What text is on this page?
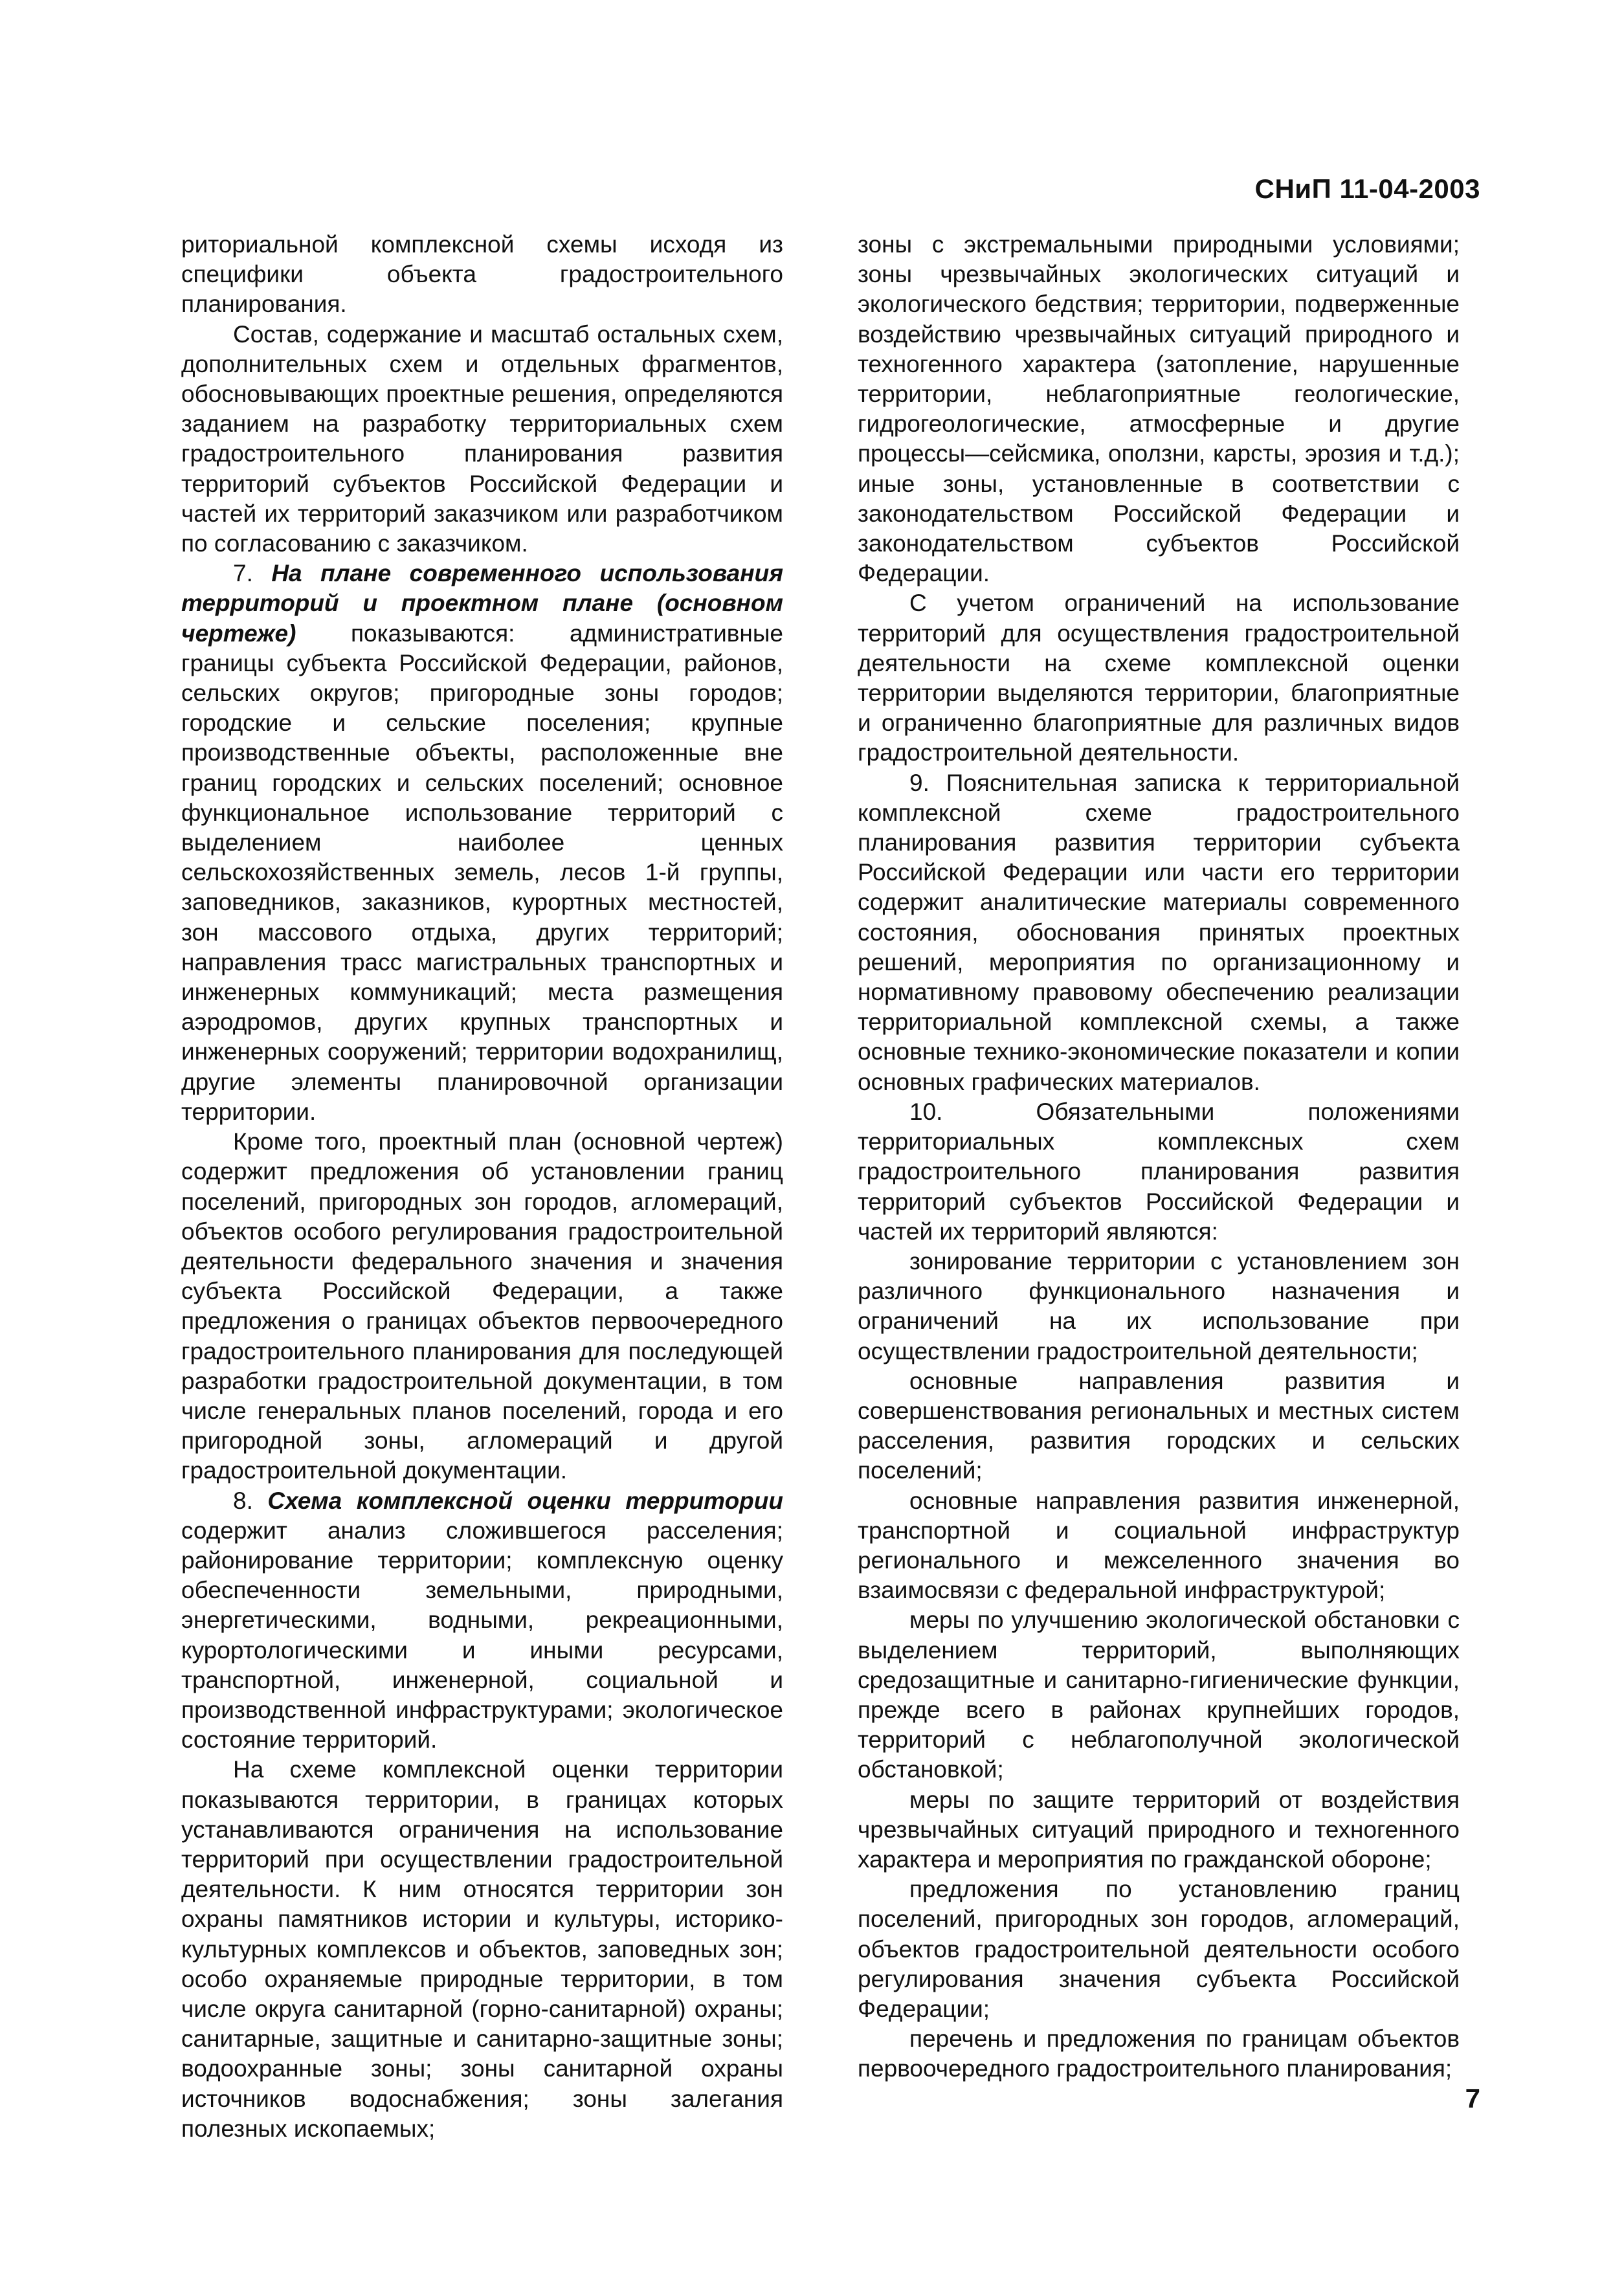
СНиП 11-04-2003

риториальной комплексной схемы исходя из специфики объекта градостроительного планирования.

Состав, содержание и масштаб остальных схем, дополнительных схем и отдельных фрагментов, обосновывающих проектные решения, определяются заданием на разработку территориальных схем градостроительного планирования развития территорий субъектов Российской Федерации и частей их территорий заказчиком или разработчиком по согласованию с заказчиком.

7. На плане современного использования территорий и проектном плане (основном чертеже) показываются: административные границы субъекта Российской Федерации, районов, сельских округов; пригородные зоны городов; городские и сельские поселения; крупные производственные объекты, расположенные вне границ городских и сельских поселений; основное функциональное использование территорий с выделением наиболее ценных сельскохозяйственных земель, лесов 1-й группы, заповедников, заказников, курортных местностей, зон массового отдыха, других территорий; направления трасс магистральных транспортных и инженерных коммуникаций; места размещения аэродромов, других крупных транспортных и инженерных сооружений; территории водохранилищ, другие элементы планировочной организации территории.

Кроме того, проектный план (основной чертеж) содержит предложения об установлении границ поселений, пригородных зон городов, агломераций, объектов особого регулирования градостроительной деятельности федерального значения и значения субъекта Российской Федерации, а также предложения о границах объектов первоочередного градостроительного планирования для последующей разработки градостроительной документации, в том числе генеральных планов поселений, города и его пригородной зоны, агломераций и другой градостроительной документации.

8. Схема комплексной оценки территории содержит анализ сложившегося расселения; районирование территории; комплексную оценку обеспеченности земельными, природными, энергетическими, водными, рекреационными, курортологическими и иными ресурсами, транспортной, инженерной, социальной и производственной инфраструктурами; экологическое состояние территорий.

На схеме комплексной оценки территории показываются территории, в границах которых устанавливаются ограничения на использование территорий при осуществлении градостроительной деятельности. К ним относятся территории зон охраны памятников истории и культуры, историко-культурных комплексов и объектов, заповедных зон; особо охраняемые природные территории, в том числе округа санитарной (горно-санитарной) охраны; санитарные, защитные и санитарно-защитные зоны; водоохранные зоны; зоны санитарной охраны источников водоснабжения; зоны залегания полезных ископаемых;

зоны с экстремальными природными условиями; зоны чрезвычайных экологических ситуаций и экологического бедствия; территории, подверженные воздействию чрезвычайных ситуаций природного и техногенного характера (затопление, нарушенные территории, неблагоприятные геологические, гидрогеологические, атмосферные и другие процессы—сейсмика, оползни, карсты, эрозия и т.д.); иные зоны, установленные в соответствии с законодательством Российской Федерации и законодательством субъектов Российской Федерации.

С учетом ограничений на использование территорий для осуществления градостроительной деятельности на схеме комплексной оценки территории выделяются территории, благоприятные и ограниченно благоприятные для различных видов градостроительной деятельности.

9. Пояснительная записка к территориальной комплексной схеме градостроительного планирования развития территории субъекта Российской Федерации или части его территории содержит аналитические материалы современного состояния, обоснования принятых проектных решений, мероприятия по организационному и нормативному правовому обеспечению реализации территориальной комплексной схемы, а также основные технико-экономические показатели и копии основных графических материалов.

10. Обязательными положениями территориальных комплексных схем градостроительного планирования развития территорий субъектов Российской Федерации и частей их территорий являются:

зонирование территории с установлением зон различного функционального назначения и ограничений на их использование при осуществлении градостроительной деятельности;

основные направления развития и совершенствования региональных и местных систем расселения, развития городских и сельских поселений;

основные направления развития инженерной, транспортной и социальной инфраструктур регионального и межселенного значения во взаимосвязи с федеральной инфраструктурой;

меры по улучшению экологической обстановки с выделением территорий, выполняющих средозащитные и санитарно-гигиенические функции, прежде всего в районах крупнейших городов, территорий с неблагополучной экологической обстановкой;

меры по защите территорий от воздействия чрезвычайных ситуаций природного и техногенного характера и мероприятия по гражданской обороне;

предложения по установлению границ поселений, пригородных зон городов, агломераций, объектов градостроительной деятельности особого регулирования значения субъекта Российской Федерации;

перечень и предложения по границам объектов первоочередного градостроительного планирования;

7
